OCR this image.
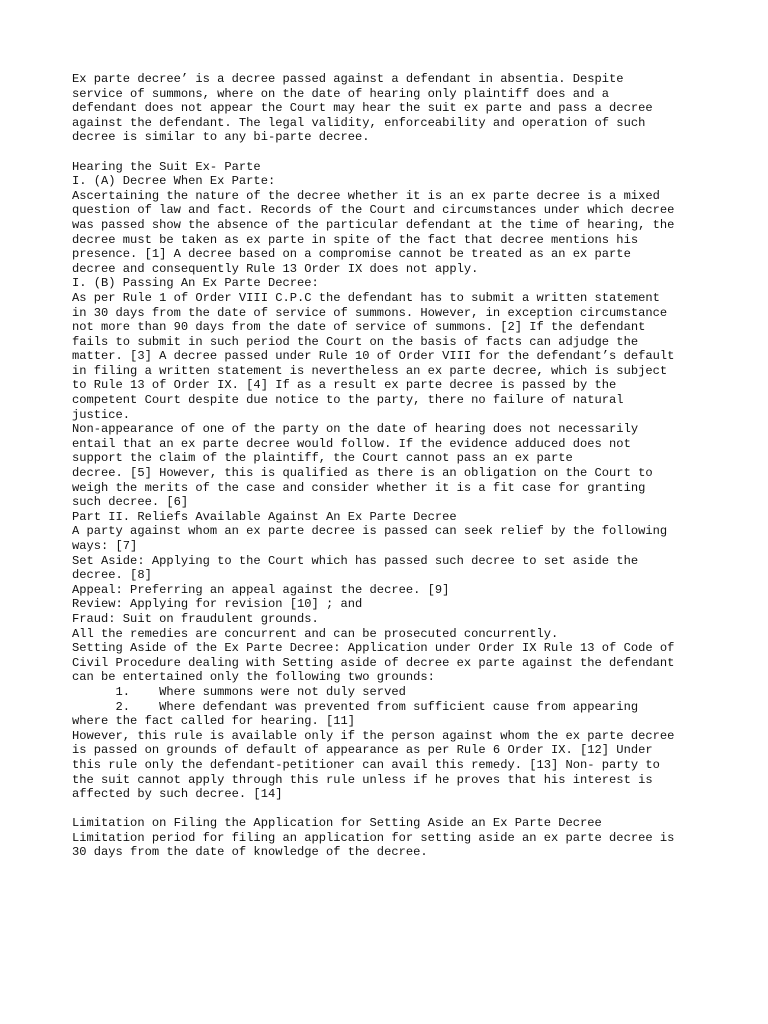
Ex parte decree’ is a decree passed against a defendant in absentia. Despite
service of summons, where on the date of hearing only plaintiff does and a
defendant does not appear the Court may hear the suit ex parte and pass a decree
against the defendant. The legal validity, enforceability and operation of such
decree is similar to any bi-parte decree.
Hearing the Suit Ex- Parte
I. (A) Decree When Ex Parte:
Ascertaining the nature of the decree whether it is an ex parte decree is a mixed
question of law and fact. Records of the Court and circumstances under which decree
was passed show the absence of the particular defendant at the time of hearing, the
decree must be taken as ex parte in spite of the fact that decree mentions his
presence. [1] A decree based on a compromise cannot be treated as an ex parte
decree and consequently Rule 13 Order IX does not apply.
I. (B) Passing An Ex Parte Decree:
As per Rule 1 of Order VIII C.P.C the defendant has to submit a written statement
in 30 days from the date of service of summons. However, in exception circumstance
not more than 90 days from the date of service of summons. [2] If the defendant
fails to submit in such period the Court on the basis of facts can adjudge the
matter. [3] A decree passed under Rule 10 of Order VIII for the defendant’s default
in filing a written statement is nevertheless an ex parte decree, which is subject
to Rule 13 of Order IX. [4] If as a result ex parte decree is passed by the
competent Court despite due notice to the party, there no failure of natural
justice.
Non-appearance of one of the party on the date of hearing does not necessarily
entail that an ex parte decree would follow. If the evidence adduced does not
support the claim of the plaintiff, the Court cannot pass an ex parte
decree. [5] However, this is qualified as there is an obligation on the Court to
weigh the merits of the case and consider whether it is a fit case for granting
such decree. [6]
Part II. Reliefs Available Against An Ex Parte Decree
A party against whom an ex parte decree is passed can seek relief by the following
ways: [7]
Set Aside: Applying to the Court which has passed such decree to set aside the
decree. [8]
Appeal: Preferring an appeal against the decree. [9]
Review: Applying for revision [10] ; and
Fraud: Suit on fraudulent grounds.
All the remedies are concurrent and can be prosecuted concurrently.
Setting Aside of the Ex Parte Decree: Application under Order IX Rule 13 of Code of
Civil Procedure dealing with Setting aside of decree ex parte against the defendant
can be entertained only the following two grounds:
1.    Where summons were not duly served
2.    Where defendant was prevented from sufficient cause from appearing
where the fact called for hearing. [11]
However, this rule is available only if the person against whom the ex parte decree
is passed on grounds of default of appearance as per Rule 6 Order IX. [12] Under
this rule only the defendant-petitioner can avail this remedy. [13] Non- party to
the suit cannot apply through this rule unless if he proves that his interest is
affected by such decree. [14]
Limitation on Filing the Application for Setting Aside an Ex Parte Decree
Limitation period for filing an application for setting aside an ex parte decree is
30 days from the date of knowledge of the decree.
